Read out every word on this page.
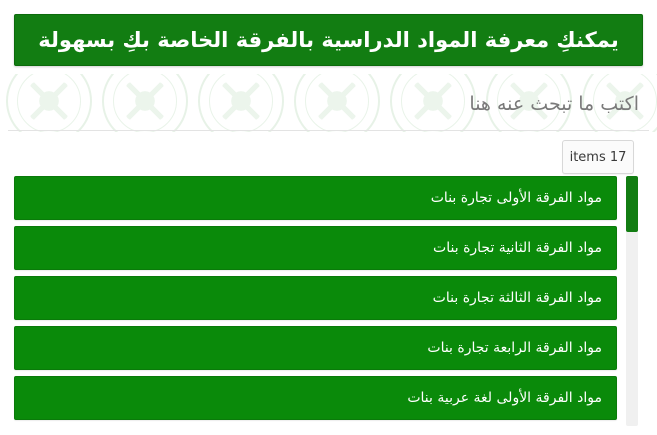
يمكنكِ معرفة المواد الدراسية بالفرقة الخاصة بكِ بسهولة
اكتب ما تبحث عنه هنا
17 items
مواد الفرقة الأولى تجارة بنات
مواد الفرقة الثانية تجارة بنات
مواد الفرقة الثالثة تجارة بنات
مواد الفرقة الرابعة تجارة بنات
مواد الفرقة الأولى لغة عربية بنات
